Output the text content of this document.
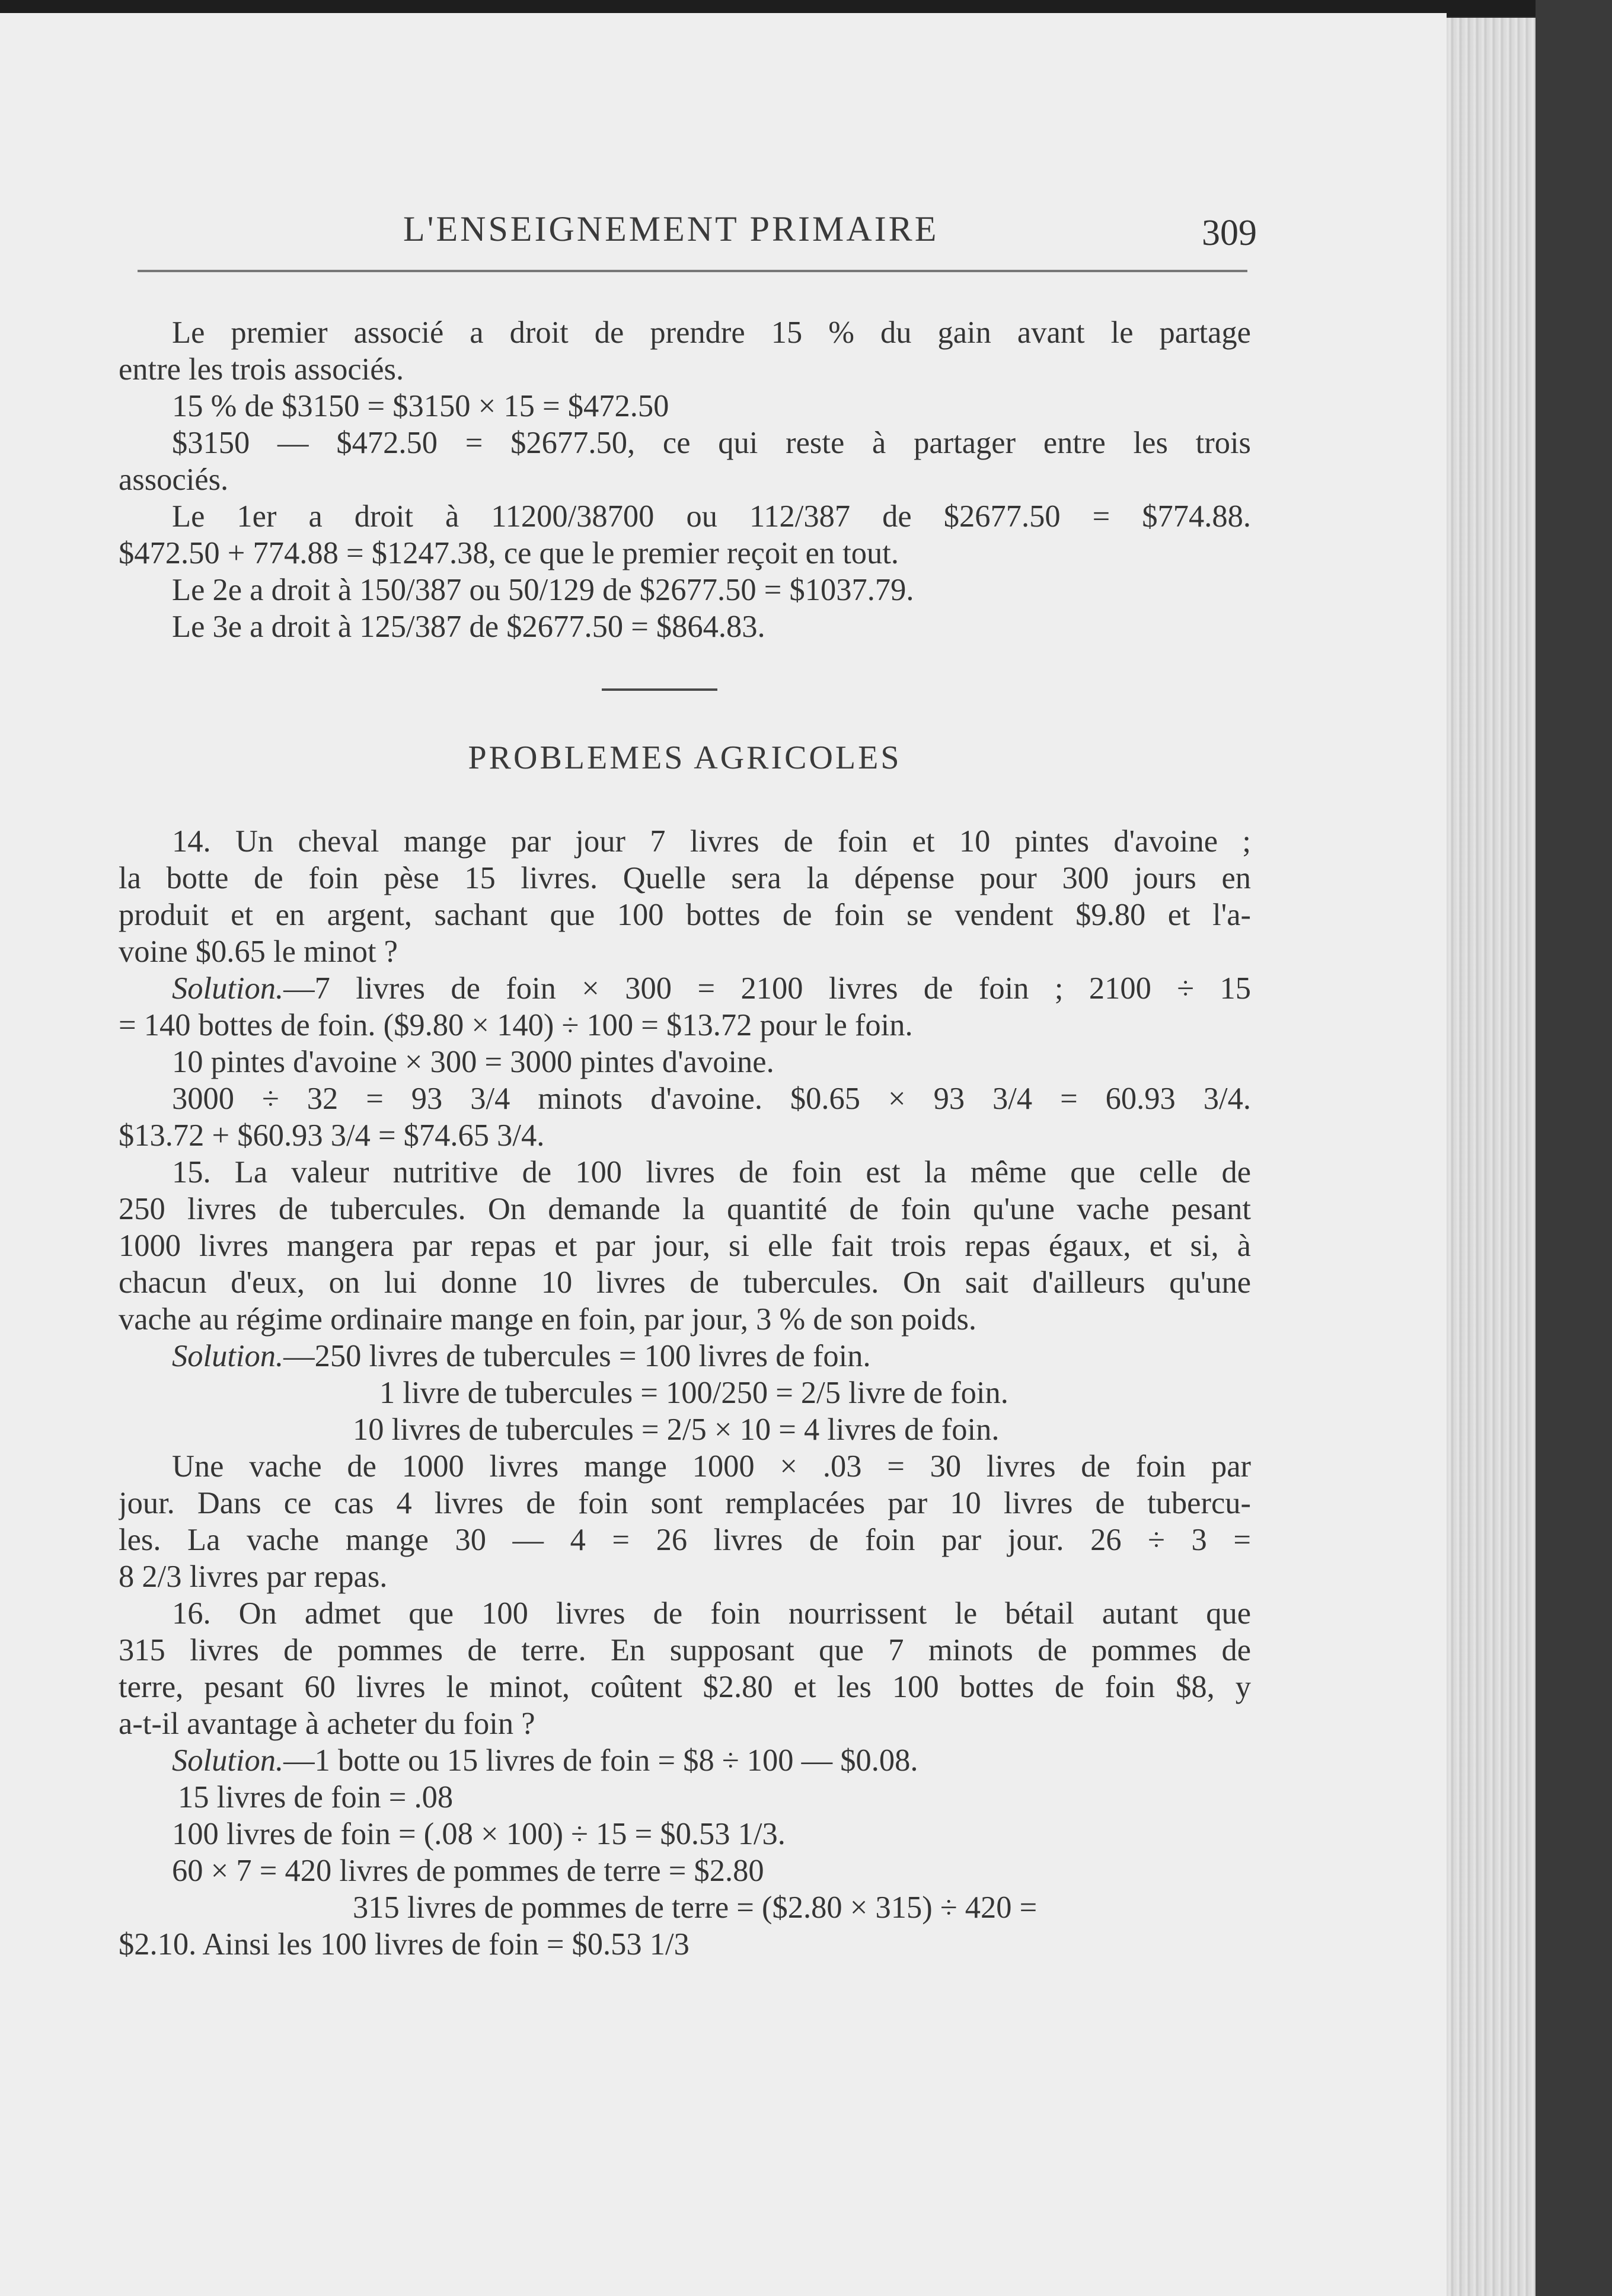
L'ENSEIGNEMENT PRIMAIRE	309
Le premier associé a droit de prendre 15 % du gain avant le partage
entre les trois associés.
15 % de $3150 = $3150 × 15 = $472.50
$3150 — $472.50 = $2677.50, ce qui reste à partager entre les trois
associés.
Le 1er a droit à 11200/38700 ou 112/387 de $2677.50 = $774.88.
$472.50 + 774.88 = $1247.38, ce que le premier reçoit en tout.
Le 2e a droit à 150/387 ou 50/129 de $2677.50 = $1037.79.
Le 3e a droit à 125/387 de $2677.50 = $864.83.
PROBLEMES AGRICOLES
14. Un cheval mange par jour 7 livres de foin et 10 pintes d'avoine ;
la botte de foin pèse 15 livres. Quelle sera la dépense pour 300 jours en
produit et en argent, sachant que 100 bottes de foin se vendent $9.80 et l'a-
voine $0.65 le minot ?
Solution.—7 livres de foin × 300 = 2100 livres de foin ; 2100 ÷ 15
= 140 bottes de foin. ($9.80 × 140) ÷ 100 = $13.72 pour le foin.
10 pintes d'avoine × 300 = 3000 pintes d'avoine.
3000 ÷ 32 = 93 3/4 minots d'avoine. $0.65 × 93 3/4 = 60.93 3/4.
$13.72 + $60.93 3/4 = $74.65 3/4.
15. La valeur nutritive de 100 livres de foin est la même que celle de
250 livres de tubercules. On demande la quantité de foin qu'une vache pesant
1000 livres mangera par repas et par jour, si elle fait trois repas égaux, et si, à
chacun d'eux, on lui donne 10 livres de tubercules. On sait d'ailleurs qu'une
vache au régime ordinaire mange en foin, par jour, 3 % de son poids.
Solution.—250 livres de tubercules = 100 livres de foin.
1 livre de tubercules = 100/250 = 2/5 livre de foin.
10 livres de tubercules = 2/5 × 10 = 4 livres de foin.
Une vache de 1000 livres mange 1000 × .03 = 30 livres de foin par
jour. Dans ce cas 4 livres de foin sont remplacées par 10 livres de tubercu-
les. La vache mange 30 — 4 = 26 livres de foin par jour. 26 ÷ 3 =
8 2/3 livres par repas.
16. On admet que 100 livres de foin nourrissent le bétail autant que
315 livres de pommes de terre. En supposant que 7 minots de pommes de
terre, pesant 60 livres le minot, coûtent $2.80 et les 100 bottes de foin $8, y
a-t-il avantage à acheter du foin ?
Solution.—1 botte ou 15 livres de foin = $8 ÷ 100 — $0.08.
15 livres de foin = .08
100 livres de foin = (.08 × 100) ÷ 15 = $0.53 1/3.
60 × 7 = 420 livres de pommes de terre = $2.80
315 livres de pommes de terre = ($2.80 × 315) ÷ 420 =
$2.10. Ainsi les 100 livres de foin = $0.53 1/3
